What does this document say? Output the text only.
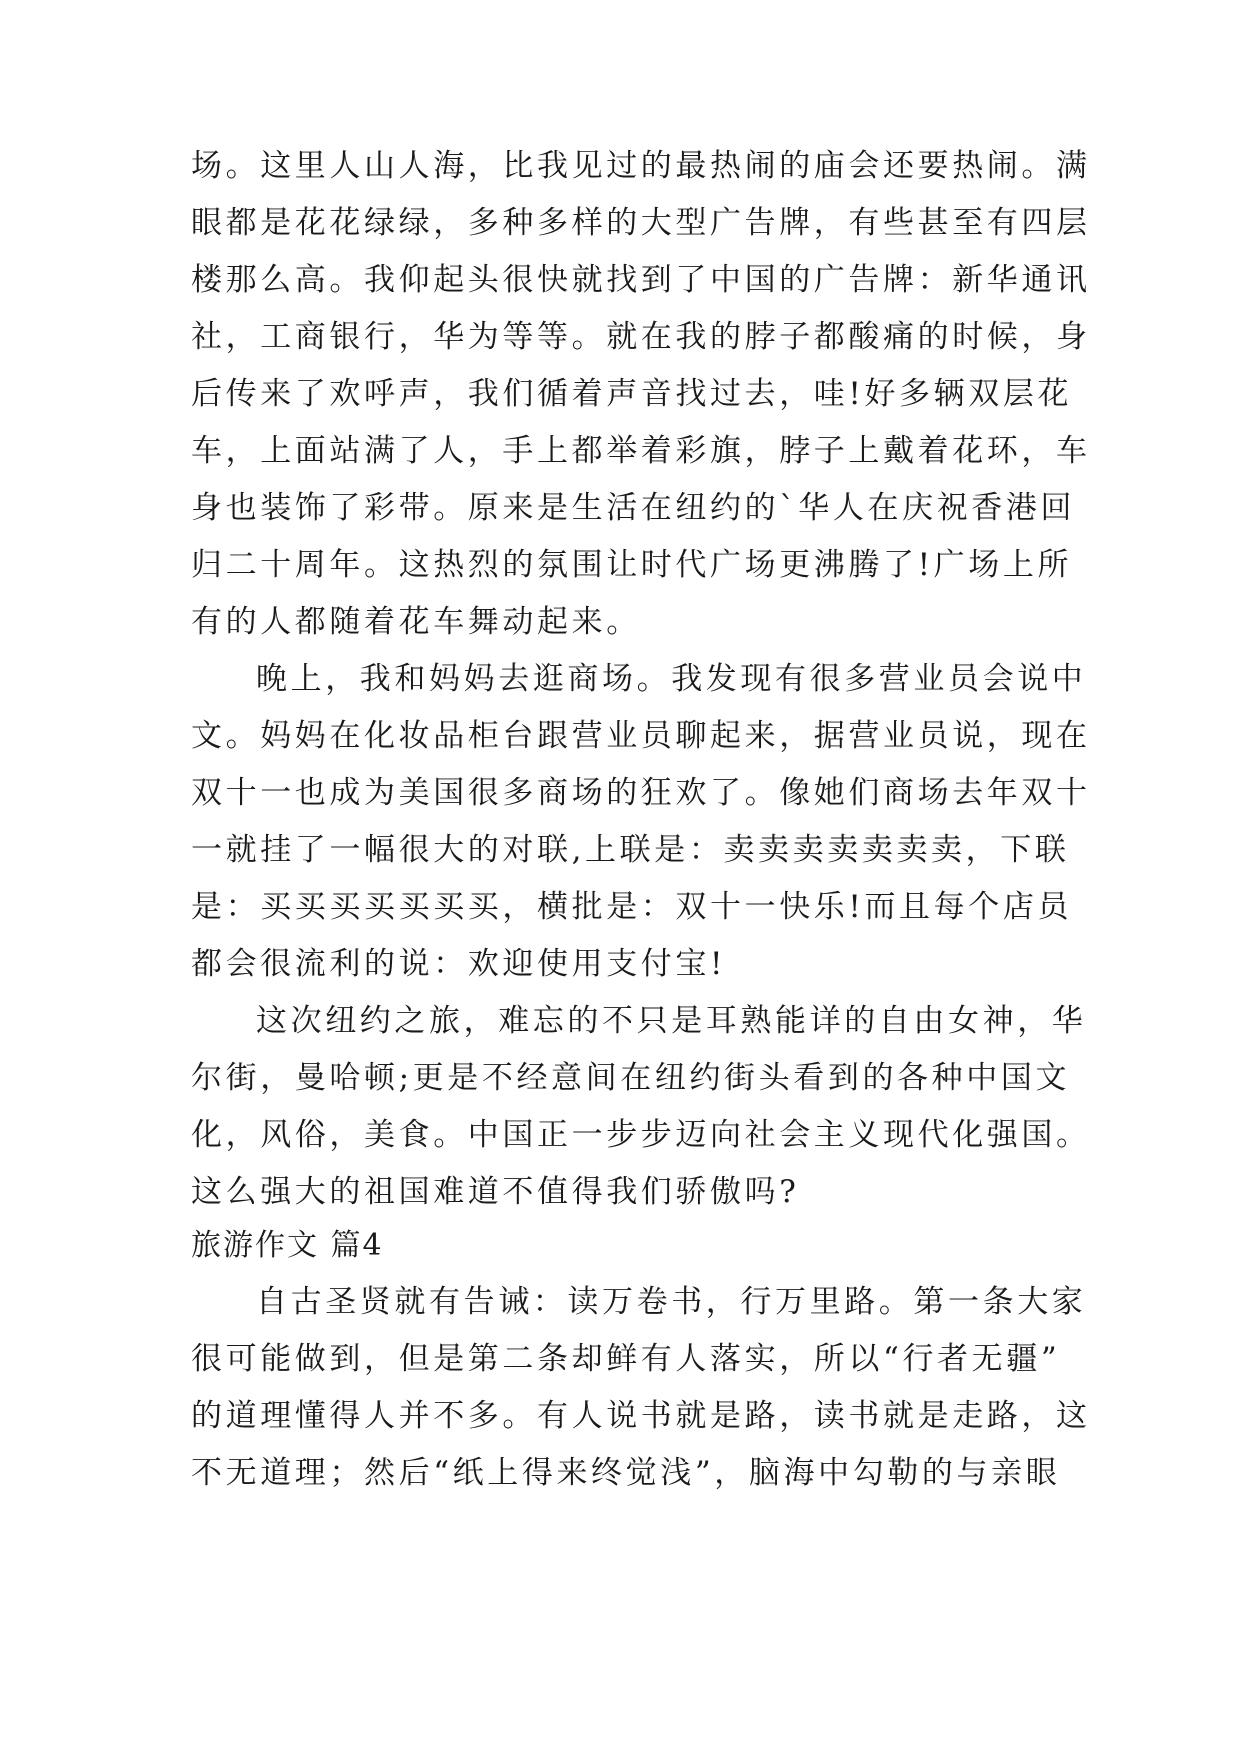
场。这里人山人海，比我见过的最热闹的庙会还要热闹。满

眼都是花花绿绿，多种多样的大型广告牌，有些甚至有四层

楼那么高。我仰起头很快就找到了中国的广告牌：新华通讯

社，工商银行，华为等等。就在我的脖子都酸痛的时候，身

后传来了欢呼声，我们循着声音找过去，哇!好多辆双层花

车，上面站满了人，手上都举着彩旗，脖子上戴着花环，车

身也装饰了彩带。原来是生活在纽约的`华人在庆祝香港回

归二十周年。这热烈的氛围让时代广场更沸腾了!广场上所

有的人都随着花车舞动起来。

晚上，我和妈妈去逛商场。我发现有很多营业员会说中

文。妈妈在化妆品柜台跟营业员聊起来，据营业员说，现在

双十一也成为美国很多商场的狂欢了。像她们商场去年双十

一就挂了一幅很大的对联,上联是：卖卖卖卖卖卖卖，下联

是：买买买买买买买，横批是：双十一快乐!而且每个店员

都会很流利的说：欢迎使用支付宝!

这次纽约之旅，难忘的不只是耳熟能详的自由女神，华

尔街，曼哈顿;更是不经意间在纽约街头看到的各种中国文

化，风俗，美食。中国正一步步迈向社会主义现代化强国。

这么强大的祖国难道不值得我们骄傲吗?

旅游作文 篇4

自古圣贤就有告诫：读万卷书，行万里路。第一条大家

很可能做到，但是第二条却鲜有人落实，所以“行者无疆”

的道理懂得人并不多。有人说书就是路，读书就是走路，这

不无道理；然后“纸上得来终觉浅”，脑海中勾勒的与亲眼
